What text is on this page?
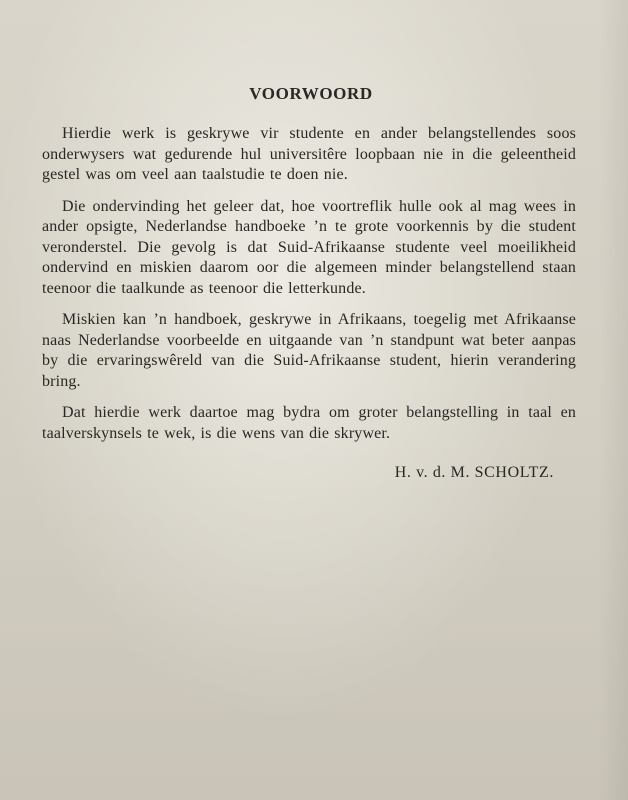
VOORWOORD

Hierdie werk is geskrywe vir studente en ander belangstellendes soos onderwysers wat gedurende hul universitêre loopbaan nie in die geleentheid gestel was om veel aan taalstudie te doen nie.

Die ondervinding het geleer dat, hoe voortreflik hulle ook al mag wees in ander opsigte, Nederlandse handboeke ’n te grote voorkennis by die student veronderstel. Die gevolg is dat Suid-Afrikaanse studente veel moeilikheid ondervind en miskien daarom oor die algemeen minder belangstellend staan teenoor die taalkunde as teenoor die letterkunde.

Miskien kan ’n handboek, geskrywe in Afrikaans, toegelig met Afrikaanse naas Nederlandse voorbeelde en uitgaande van ’n standpunt wat beter aanpas by die ervaringswêreld van die Suid-Afrikaanse student, hierin verandering bring.

Dat hierdie werk daartoe mag bydra om groter belangstelling in taal en taalverskynsels te wek, is die wens van die skrywer.

H. v. d. M. SCHOLTZ.
